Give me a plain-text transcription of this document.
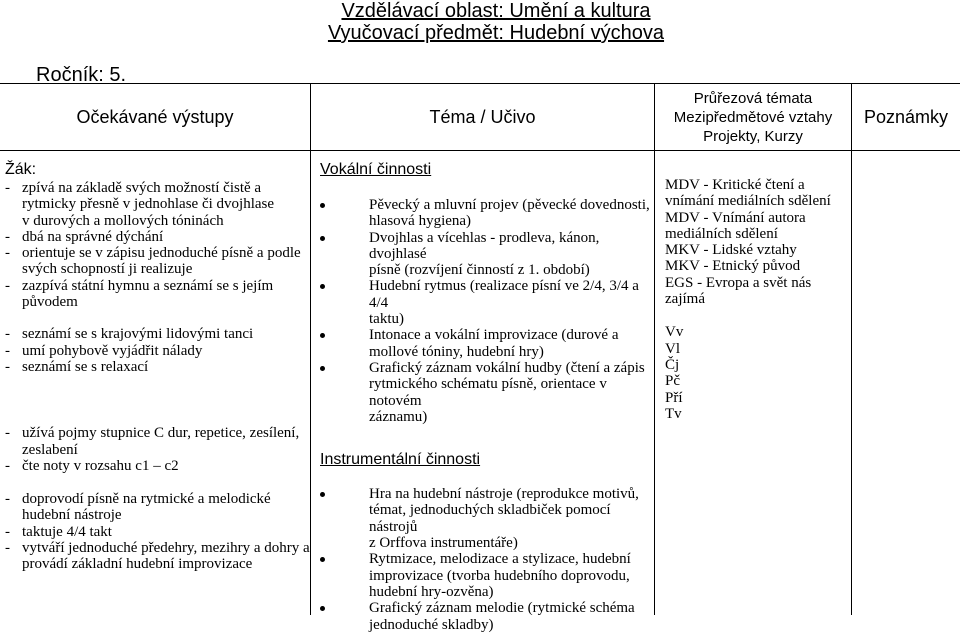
Vzdělávací oblast: Umění a kultura
Vyučovací předmět: Hudební výchova
Ročník: 5.
Očekávané výstupy	Téma / Učivo
Průřezová témata
Mezipředmětové vztahy
Projekty, Kurzy
Poznámky
Žák:
- zpívá na základě svých možností čistě a
rytmicky přesně v jednohlase či dvojhlase
v durových a mollových tóninách
- dbá na správné dýchání
- orientuje se v zápisu jednoduché písně a podle
svých schopností ji realizuje
- zazpívá státní hymnu a seznámí se s jejím
původem
- seznámí se s krajovými lidovými tanci
- umí pohybově vyjádřit nálady
- seznámí se s relaxací
- užívá pojmy stupnice C dur, repetice, zesílení,
zeslabení
- čte noty v rozsahu c1 – c2
- doprovodí písně na rytmické a melodické
hudební nástroje
- taktuje 4/4 takt
- vytváří jednoduché předehry, mezihry a dohry a
provádí základní hudební improvizace
Vokální činnosti
Pěvecký a mluvní projev (pěvecké dovednosti,
hlasová hygiena)
Dvojhlas a vícehlas - prodleva, kánon, dvojhlasé
písně (rozvíjení činností z 1. období)
Hudební rytmus (realizace písní ve 2/4, 3/4 a 4/4
taktu)
Intonace a vokální improvizace (durové a
mollové tóniny, hudební hry)
Grafický záznam vokální hudby (čtení a zápis
rytmického schématu písně, orientace v notovém
záznamu)
Instrumentální činnosti
Hra na hudební nástroje (reprodukce motivů,
témat, jednoduchých skladbiček pomocí nástrojů
z Orffova instrumentáře)
Rytmizace, melodizace a stylizace, hudební
improvizace (tvorba hudebního doprovodu,
hudební hry-ozvěna)
Grafický záznam melodie (rytmické schéma
jednoduché skladby)
MDV - Kritické čtení a
vnímání mediálních sdělení
MDV - Vnímání autora
mediálních sdělení
MKV - Lidské vztahy
MKV - Etnický původ
EGS - Evropa a svět nás
zajímá
Vv
Vl
Čj
Pč
Pří
Tv
